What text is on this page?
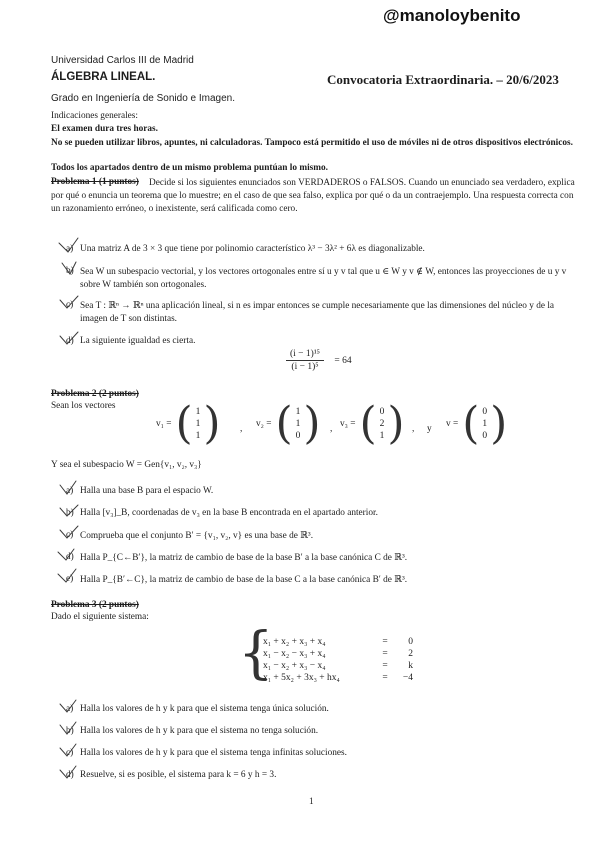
@manoloybenito
Universidad Carlos III de Madrid
ÁLGEBRA LINEAL.	Convocatoria Extraordinaria. – 20/6/2023
Grado en Ingeniería de Sonido e Imagen.
Indicaciones generales:
El examen dura tres horas.
No se pueden utilizar libros, apuntes, ni calculadoras. Tampoco está permitido el uso de móviles ni de otros dispositivos electrónicos.
Todos los apartados dentro de un mismo problema puntúan lo mismo.
Problema 1 (1 puntos)	Decide si los siguientes enunciados son VERDADEROS o FALSOS. Cuando un enunciado sea verdadero, explica por qué o enuncia un teorema que lo muestre; en el caso de que sea falso, explica por qué o da un contraejemplo. Una respuesta correcta con un razonamiento erróneo, o inexistente, será calificada como cero.
a) Una matriz A de 3 × 3 que tiene por polinomio característico λ³ − 3λ² + 6λ es diagonalizable.
b) Sea W un subespacio vectorial, y los vectores ortogonales entre sí u y v tal que u ∈ W y v ∉ W, entonces las proyecciones de u y v sobre W también son ortogonales.
c) Sea T : ℝⁿ → ℝⁿ una aplicación lineal, si n es impar entonces se cumple necesariamente que las dimensiones del núcleo y de la imagen de T son distintas.
d) La siguiente igualdad es cierta.
$\frac{\text{(i − 1)¹⁵}}{\text{(i − 1)⁵}} = 64$
Problema 2 (2 puntos)
Sean los vectores
v₁ = ( 1
1
1 ) , v₂ = ( 1
1
0 ) , v₃ = ( 0
2
1 ) , y v = ( 0
1
0 )
Y sea el subespacio W = Gen{v₁, v₂, v₃}
a) Halla una base B para el espacio W.
b) Halla [v₃]_B, coordenadas de v₃ en la base B encontrada en el apartado anterior.
c) Comprueba que el conjunto B′ = {v₁, v₂, v} es una base de ℝ³.
d) Halla P_{C←B′}, la matriz de cambio de base de la base B′ a la base canónica C de ℝ³.
e) Halla P_{B′←C}, la matriz de cambio de base de la base C a la base canónica B′ de ℝ³.
Problema 3 (2 puntos)
Dado el siguiente sistema:
{
x₁ + x₂ + x₃ + x₄	=	0
x₁ − x₂ − x₃ + x₄	=	2
x₁ − x₂ + x₃ − x₄	=	k
x₁ + 5x₂ + 3x₃ + hx₄	=	−4
a) Halla los valores de h y k para que el sistema tenga única solución.
b) Halla los valores de h y k para que el sistema no tenga solución.
c) Halla los valores de h y k para que el sistema tenga infinitas soluciones.
d) Resuelve, si es posible, el sistema para k = 6 y h = 3.
1
